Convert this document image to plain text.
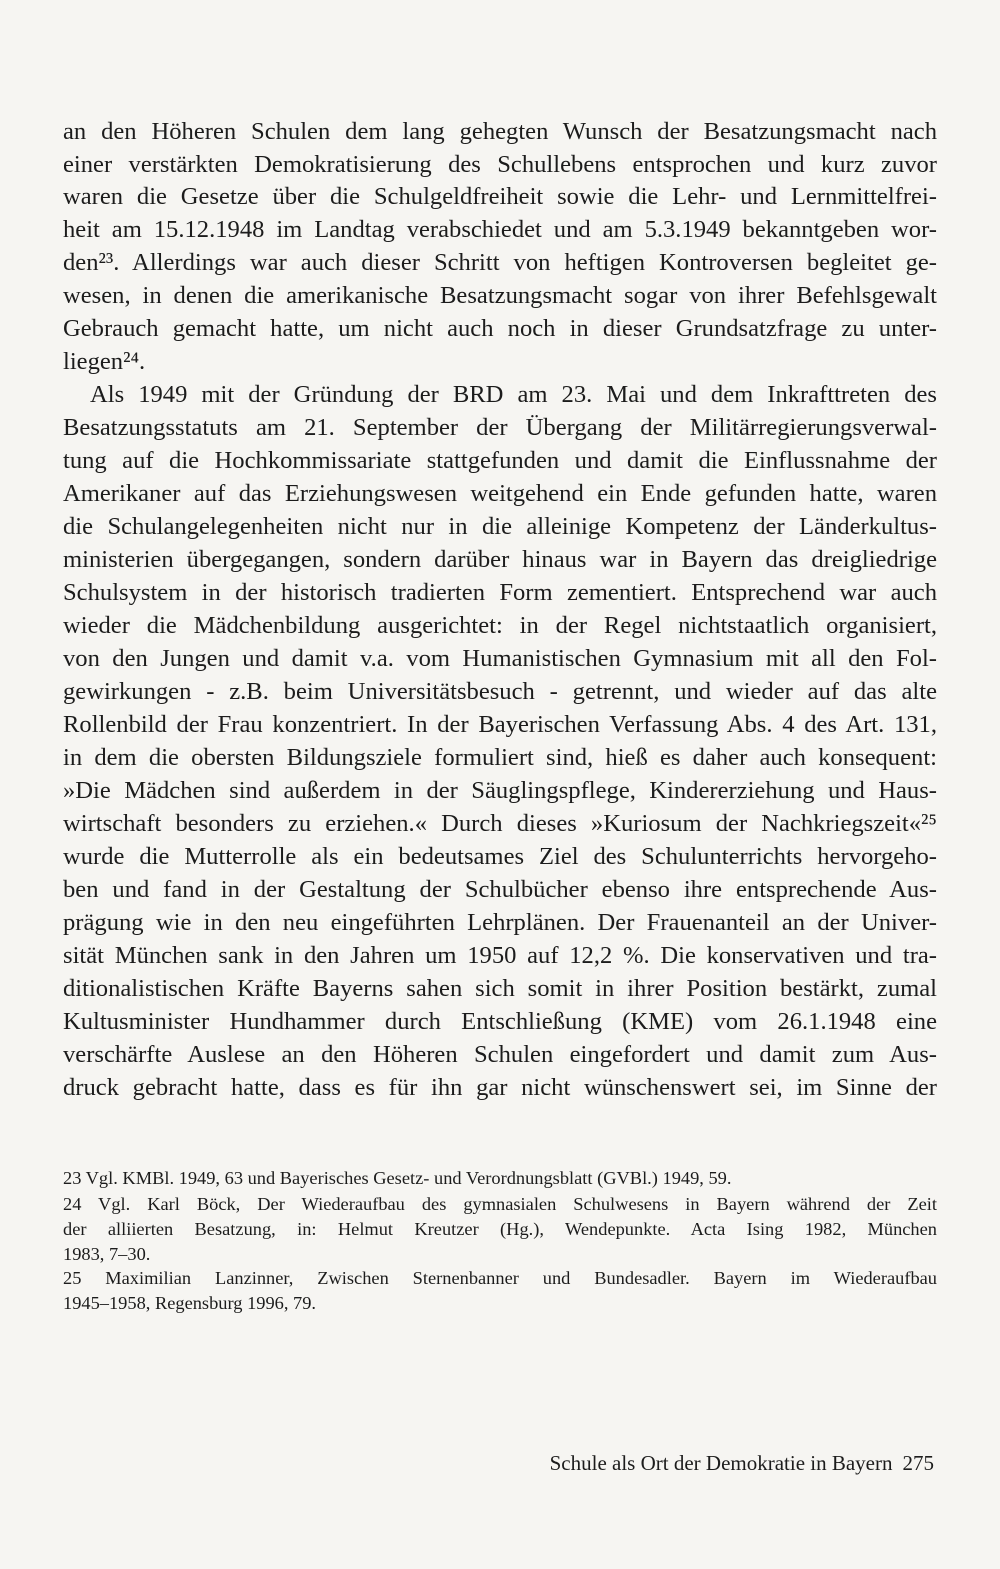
an den Höheren Schulen dem lang gehegten Wunsch der Besatzungsmacht nach
einer verstärkten Demokratisierung des Schullebens entsprochen und kurz zuvor
waren die Gesetze über die Schulgeldfreiheit sowie die Lehr- und Lernmittelfrei-
heit am 15.12.1948 im Landtag verabschiedet und am 5.3.1949 bekanntgeben wor-
den²³. Allerdings war auch dieser Schritt von heftigen Kontroversen begleitet ge-
wesen, in denen die amerikanische Besatzungsmacht sogar von ihrer Befehlsgewalt
Gebrauch gemacht hatte, um nicht auch noch in dieser Grundsatzfrage zu unter-
liegen²⁴.
Als 1949 mit der Gründung der BRD am 23. Mai und dem Inkrafttreten des
Besatzungsstatuts am 21. September der Übergang der Militärregierungsverwal-
tung auf die Hochkommissariate stattgefunden und damit die Einflussnahme der
Amerikaner auf das Erziehungswesen weitgehend ein Ende gefunden hatte, waren
die Schulangelegenheiten nicht nur in die alleinige Kompetenz der Länderkultus-
ministerien übergegangen, sondern darüber hinaus war in Bayern das dreigliedrige
Schulsystem in der historisch tradierten Form zementiert. Entsprechend war auch
wieder die Mädchenbildung ausgerichtet: in der Regel nichtstaatlich organisiert,
von den Jungen und damit v.a. vom Humanistischen Gymnasium mit all den Fol-
gewirkungen - z.B. beim Universitätsbesuch - getrennt, und wieder auf das alte
Rollenbild der Frau konzentriert. In der Bayerischen Verfassung Abs. 4 des Art. 131,
in dem die obersten Bildungsziele formuliert sind, hieß es daher auch konsequent:
»Die Mädchen sind außerdem in der Säuglingspflege, Kindererziehung und Haus-
wirtschaft besonders zu erziehen.« Durch dieses »Kuriosum der Nachkriegszeit«²⁵
wurde die Mutterrolle als ein bedeutsames Ziel des Schulunterrichts hervorgeho-
ben und fand in der Gestaltung der Schulbücher ebenso ihre entsprechende Aus-
prägung wie in den neu eingeführten Lehrplänen. Der Frauenanteil an der Univer-
sität München sank in den Jahren um 1950 auf 12,2 %. Die konservativen und tra-
ditionalistischen Kräfte Bayerns sahen sich somit in ihrer Position bestärkt, zumal
Kultusminister Hundhammer durch Entschließung (KME) vom 26.1.1948 eine
verschärfte Auslese an den Höheren Schulen eingefordert und damit zum Aus-
druck gebracht hatte, dass es für ihn gar nicht wünschenswert sei, im Sinne der
23 Vgl. KMBl. 1949, 63 und Bayerisches Gesetz- und Verordnungsblatt (GVBl.) 1949, 59.
24 Vgl. Karl Böck, Der Wiederaufbau des gymnasialen Schulwesens in Bayern während der Zeit
der alliierten Besatzung, in: Helmut Kreutzer (Hg.), Wendepunkte. Acta Ising 1982, München
1983, 7–30.
25 Maximilian Lanzinner, Zwischen Sternenbanner und Bundesadler. Bayern im Wiederaufbau
1945–1958, Regensburg 1996, 79.
Schule als Ort der Demokratie in Bayern 275
